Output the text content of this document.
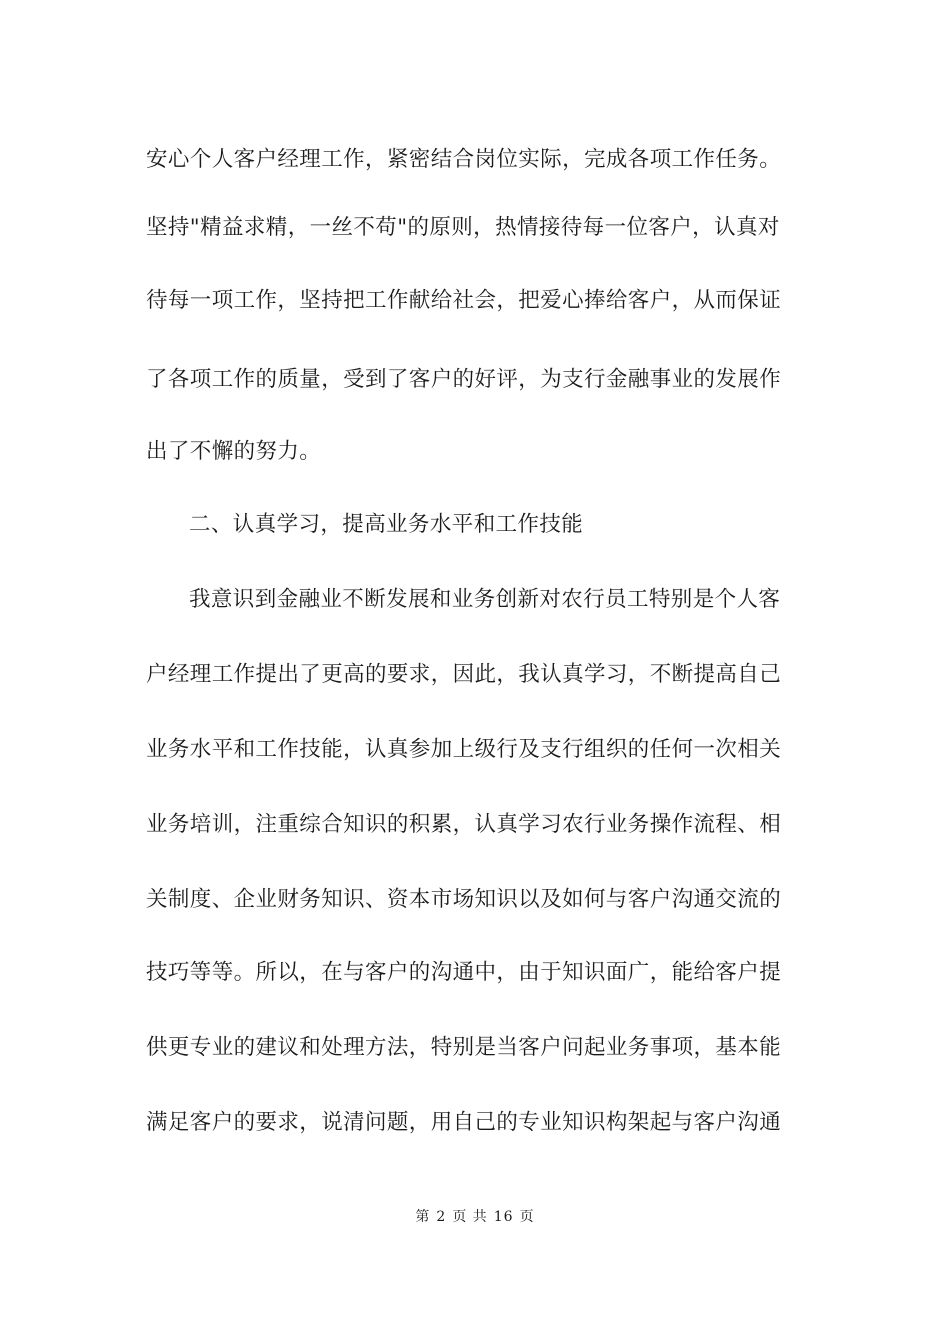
安心个人客户经理工作，紧密结合岗位实际，完成各项工作任务。
坚持"精益求精，一丝不苟"的原则，热情接待每一位客户，认真对
待每一项工作，坚持把工作献给社会，把爱心捧给客户，从而保证
了各项工作的质量，受到了客户的好评，为支行金融事业的发展作
出了不懈的努力。
二、认真学习，提高业务水平和工作技能
我意识到金融业不断发展和业务创新对农行员工特别是个人客
户经理工作提出了更高的要求，因此，我认真学习，不断提高自己
业务水平和工作技能，认真参加上级行及支行组织的任何一次相关
业务培训，注重综合知识的积累，认真学习农行业务操作流程、相
关制度、企业财务知识、资本市场知识以及如何与客户沟通交流的
技巧等等。所以，在与客户的沟通中，由于知识面广，能给客户提
供更专业的建议和处理方法，特别是当客户问起业务事项，基本能
满足客户的要求，说清问题，用自己的专业知识构架起与客户沟通
第 2 页 共 16 页
